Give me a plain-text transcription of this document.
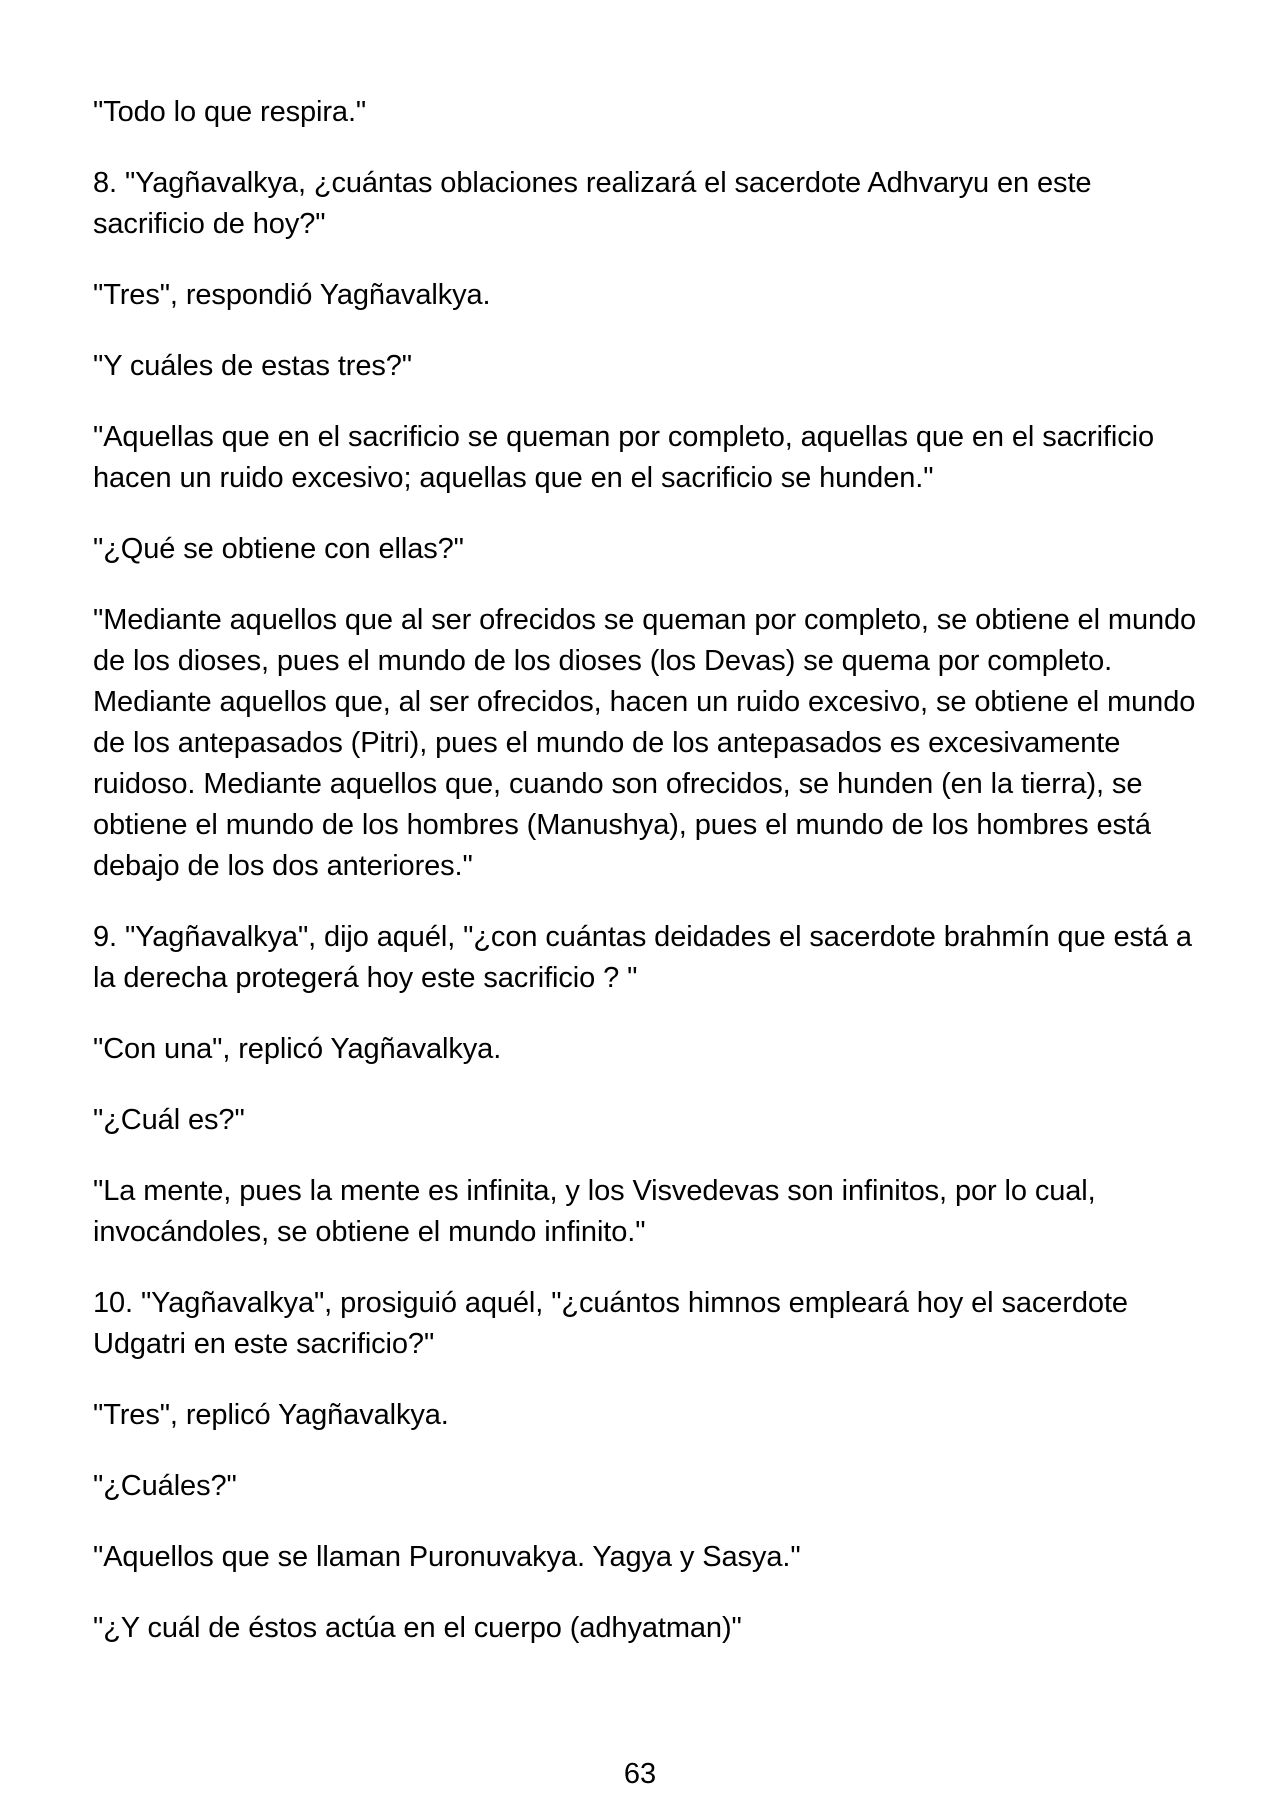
"Todo lo que respira."

8. "Yagñavalkya, ¿cuántas oblaciones realizará el sacerdote Adhvaryu en este sacrificio de hoy?"

"Tres", respondió Yagñavalkya.

"Y cuáles de estas tres?"

"Aquellas que en el sacrificio se queman por completo, aquellas que en el sacrificio hacen un ruido excesivo; aquellas que en el sacrificio se hunden."

"¿Qué se obtiene con ellas?"

"Mediante aquellos que al ser ofrecidos se queman por completo, se obtiene el mundo de los dioses, pues el mundo de los dioses (los Devas) se quema por completo. Mediante aquellos que, al ser ofrecidos, hacen un ruido excesivo, se obtiene el mundo de los antepasados (Pitri), pues el mundo de los antepasados es excesivamente ruidoso. Mediante aquellos que, cuando son ofrecidos, se hunden (en la tierra), se obtiene el mundo de los hombres (Manushya), pues el mundo de los hombres está debajo de los dos anteriores."

9. "Yagñavalkya", dijo aquél, "¿con cuántas deidades el sacerdote brahmín que está a la derecha protegerá hoy este sacrificio ? "

"Con una", replicó Yagñavalkya.

"¿Cuál es?"

"La mente, pues la mente es infinita, y los Visvedevas son infinitos, por lo cual, invocándoles, se obtiene el mundo infinito."

10. "Yagñavalkya", prosiguió aquél, "¿cuántos himnos empleará hoy el sacerdote Udgatri en este sacrificio?"

"Tres", replicó Yagñavalkya.

"¿Cuáles?"

"Aquellos que se llaman Puronuvakya. Yagya y Sasya."

"¿Y cuál de éstos actúa en el cuerpo (adhyatman)"

63
